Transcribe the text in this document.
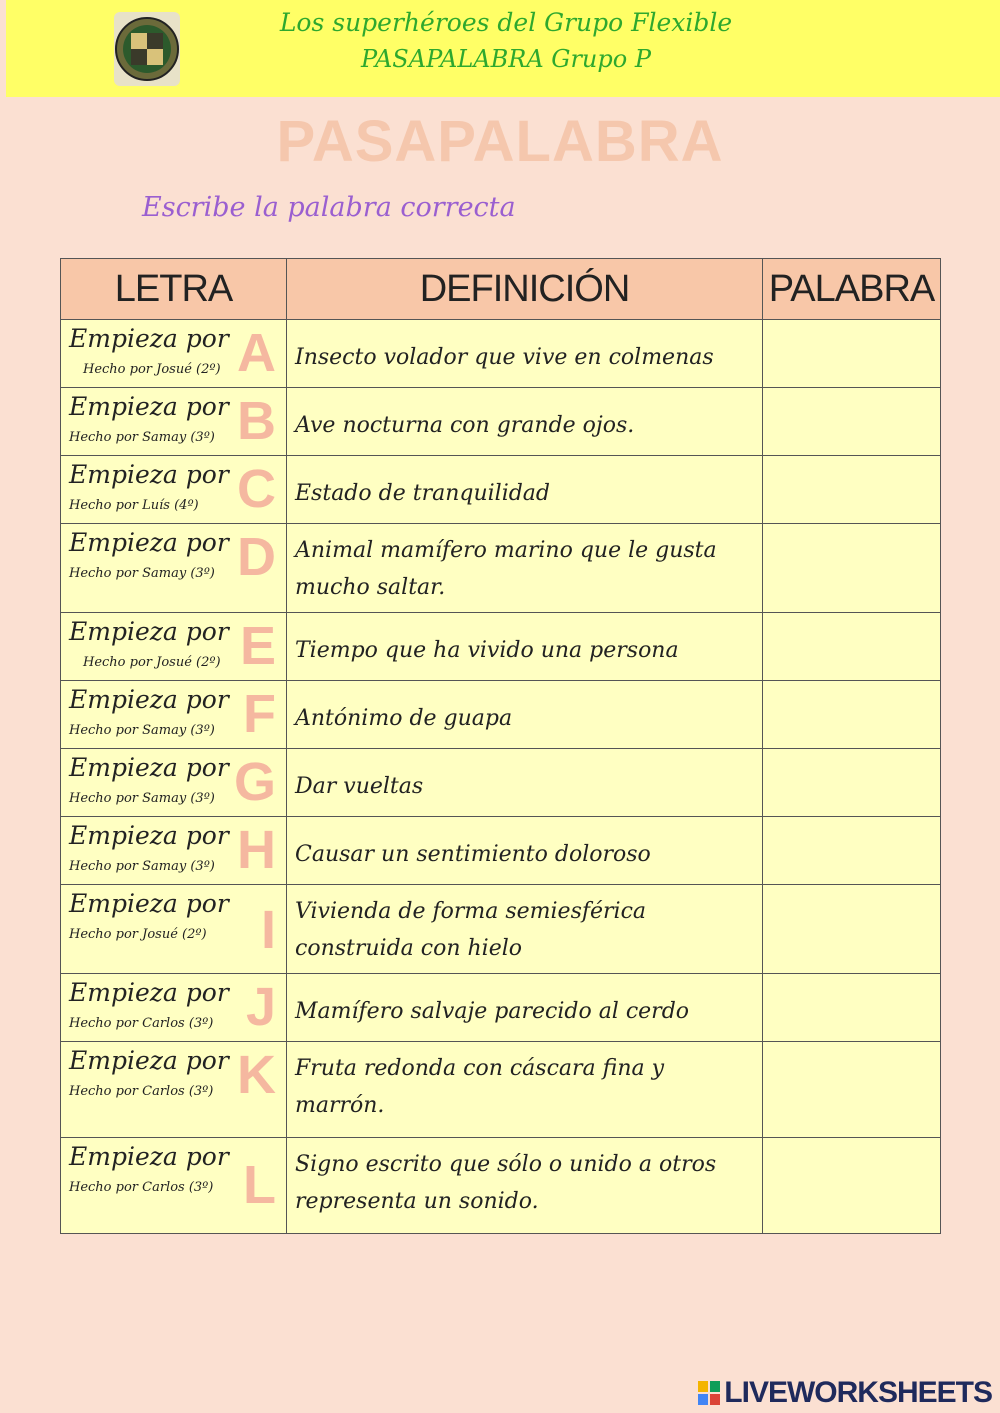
Los superhéroes del Grupo Flexible
PASAPALABRA Grupo P
PASAPALABRA
Escribe la palabra correcta
LETRA	DEFINICIÓN	PALABRA

Empieza por
Hecho por Josué (2º) A	Insecto volador que vive en colmenas	

Empieza por
Hecho por Samay (3º) B	Ave nocturna con grande ojos.	

Empieza por
Hecho por Luís (4º) C	Estado de tranquilidad	

Empieza por
Hecho por Samay (3º) D	Animal mamífero marino que le gusta mucho saltar.	

Empieza por
Hecho por Josué (2º) E	Tiempo que ha vivido una persona	

Empieza por
Hecho por Samay (3º) F	Antónimo de guapa	

Empieza por
Hecho por Samay (3º) G	Dar vueltas	

Empieza por
Hecho por Samay (3º) H	Causar un sentimiento doloroso	

Empieza por
Hecho por Josué (2º) I	Vivienda de forma semiesférica construida con hielo	

Empieza por
Hecho por Carlos (3º) J	Mamífero salvaje parecido al cerdo	

Empieza por
Hecho por Carlos (3º) K	Fruta redonda con cáscara fina y marrón.	

Empieza por
Hecho por Carlos (3º) L	Signo escrito que sólo o unido a otros representa un sonido.	
LIVEWORKSHEETS
